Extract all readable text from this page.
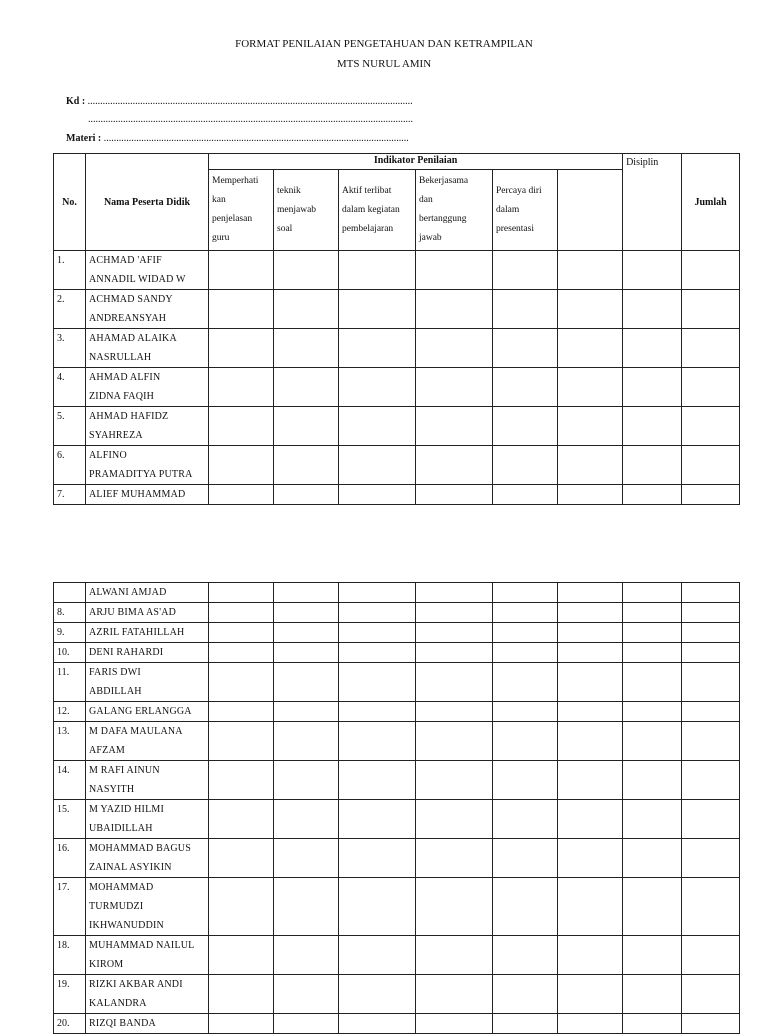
FORMAT PENILAIAN PENGETAHUAN DAN KETRAMPILAN
MTS NURUL AMIN
Kd : ..................................................................................................................................
..................................................................................................................................
Materi : ..........................................................................................................................
No.	Nama Peserta Didik	Indikator Penilaian						Disiplin	Jumlah	
		Memperhati
kan
penjelasan
guru	teknik
menjawab
soal	Aktif terlibat
dalam kegiatan
pembelajaran	Bekerjasama
dan
bertanggung
jawab	Percaya diri
dalam
presentasi				
1.	ACHMAD 'AFIF
ANNADIL WIDAD W									
2.	ACHMAD SANDY
ANDREANSYAH									
3.	AHAMAD ALAIKA
NASRULLAH									
4.	AHMAD ALFIN
ZIDNA FAQIH									
5.	AHMAD HAFIDZ
SYAHREZA									
6.	ALFINO
PRAMADITYA PUTRA									
7.	ALIEF MUHAMMAD									
	ALWANI AMJAD								
8.	ARJU BIMA AS'AD								
9.	AZRIL FATAHILLAH								
10.	DENI RAHARDI								
11.	FARIS DWI
ABDILLAH								
12.	GALANG ERLANGGA								
13.	M DAFA MAULANA
AFZAM								
14.	M RAFI AINUN
NASYITH								
15.	M YAZID HILMI
UBAIDILLAH								
16.	MOHAMMAD BAGUS
ZAINAL ASYIKIN								
17.	MOHAMMAD
TURMUDZI
IKHWANUDDIN								
18.	MUHAMMAD NAILUL
KIROM								
19.	RIZKI AKBAR ANDI
KALANDRA								
20.	RIZQI BANDA								
